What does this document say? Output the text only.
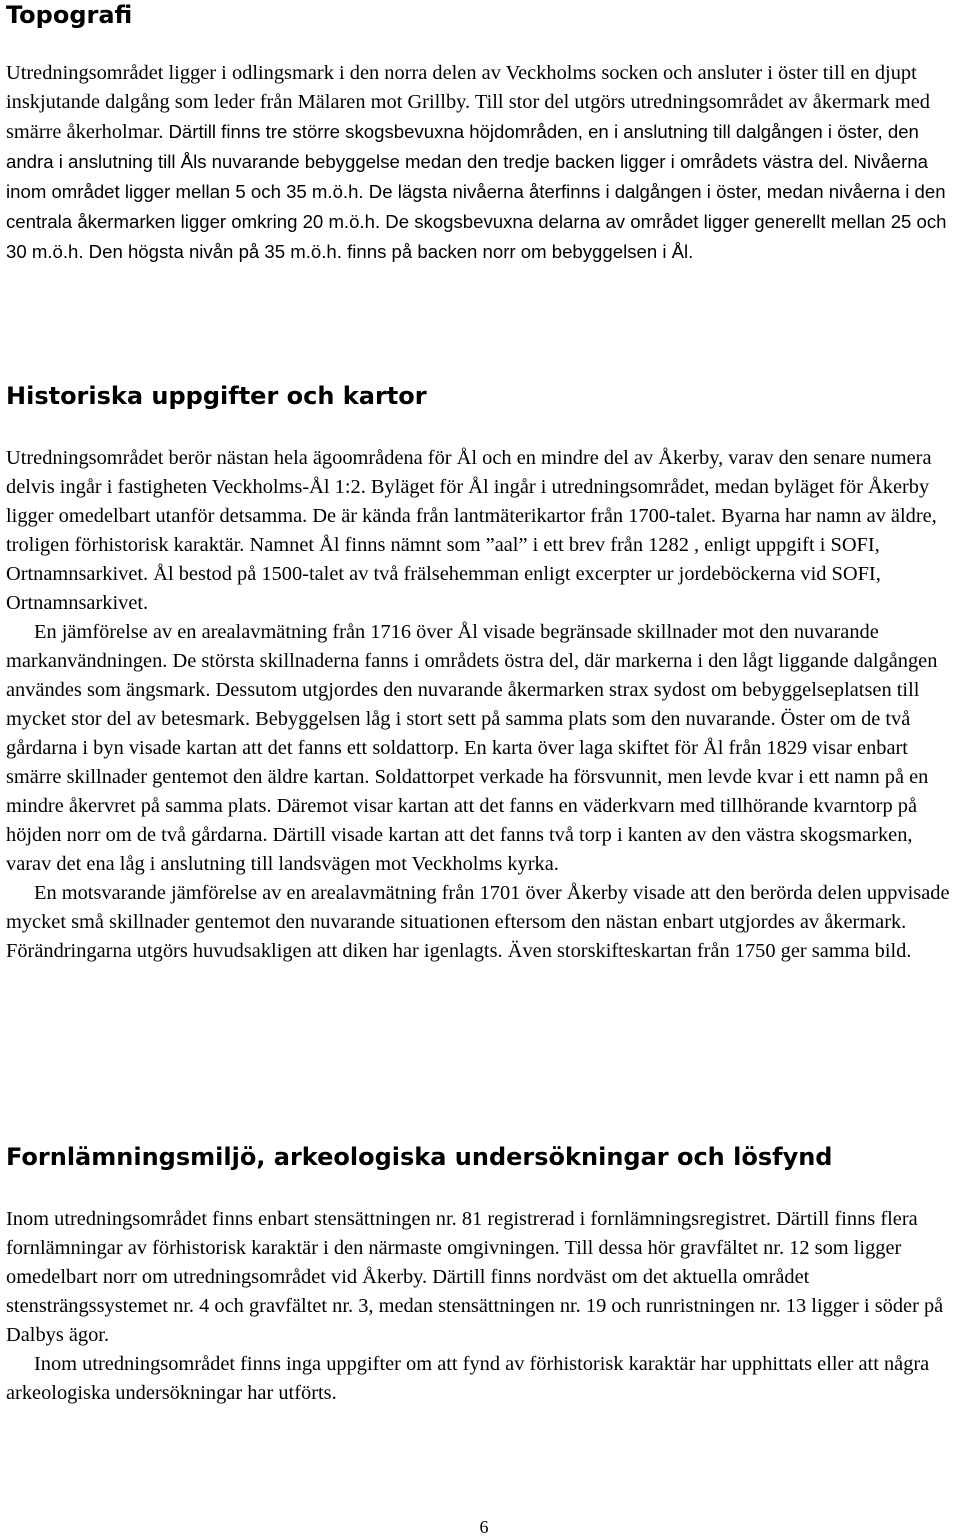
Topografi

Utredningsområdet ligger i odlingsmark i den norra delen av Veckholms socken och ansluter i öster till en djupt inskjutande dalgång som leder från Mälaren mot Grillby. Till stor del utgörs utredningsområdet av åkermark med smärre åkerholmar. Därtill finns tre större skogsbevuxna höjdområden, en i anslutning till dalgången i öster, den andra i anslutning till Åls nuvarande bebyggelse medan den tredje backen ligger i områdets västra del. Nivåerna inom området ligger mellan 5 och 35 m.ö.h. De lägsta nivåerna återfinns i dalgången i öster, medan nivåerna i den centrala åkermarken ligger omkring 20 m.ö.h. De skogsbevuxna delarna av området ligger generellt mellan 25 och 30 m.ö.h. Den högsta nivån på 35 m.ö.h. finns på backen norr om bebyggelsen i Ål.

Historiska uppgifter och kartor

Utredningsområdet berör nästan hela ägoområdena för Ål och en mindre del av Åkerby, varav den senare numera delvis ingår i fastigheten Veckholms-Ål 1:2. Byläget för Ål ingår i utredningsområdet, medan byläget för Åkerby ligger omedelbart utanför detsamma. De är kända från lantmäterikartor från 1700-talet. Byarna har namn av äldre, troligen förhistorisk karaktär. Namnet Ål finns nämnt som ”aal” i ett brev från 1282 , enligt uppgift i SOFI, Ortnamnsarkivet. Ål bestod på 1500-talet av två frälsehemman enligt excerpter ur jordeböckerna vid SOFI, Ortnamnsarkivet.

En jämförelse av en arealavmätning från 1716 över Ål visade begränsade skillnader mot den nuvarande markanvändningen. De största skillnaderna fanns i områdets östra del, där markerna i den lågt liggande dalgången användes som ängsmark. Dessutom utgjordes den nuvarande åkermarken strax sydost om bebyggelseplatsen till mycket stor del av betesmark. Bebyggelsen låg i stort sett på samma plats som den nuvarande. Öster om de två gårdarna i byn visade kartan att det fanns ett soldattorp. En karta över laga skiftet för Ål från 1829 visar enbart smärre skillnader gentemot den äldre kartan. Soldattorpet verkade ha försvunnit, men levde kvar i ett namn på en mindre åkervret på samma plats. Däremot visar kartan att det fanns en väderkvarn med tillhörande kvarntorp på höjden norr om de två gårdarna. Därtill visade kartan att det fanns två torp i kanten av den västra skogsmarken, varav det ena låg i anslutning till landsvägen mot Veckholms kyrka.

En motsvarande jämförelse av en arealavmätning från 1701 över Åkerby visade att den berörda delen uppvisade mycket små skillnader gentemot den nuvarande situationen eftersom den nästan enbart utgjordes av åkermark. Förändringarna utgörs huvudsakligen att diken har igenlagts. Även storskifteskartan från 1750 ger samma bild.

Fornlämningsmiljö, arkeologiska undersökningar och lösfynd

Inom utredningsområdet finns enbart stensättningen nr. 81 registrerad i fornlämningsregistret. Därtill finns flera fornlämningar av förhistorisk karaktär i den närmaste omgivningen. Till dessa hör gravfältet nr. 12 som ligger omedelbart norr om utredningsområdet vid Åkerby. Därtill finns nordväst om det aktuella området stensträngssystemet nr. 4 och gravfältet nr. 3, medan stensättningen nr. 19 och runristningen nr. 13 ligger i söder på Dalbys ägor.

Inom utredningsområdet finns inga uppgifter om att fynd av förhistorisk karaktär har upphittats eller att några arkeologiska undersökningar har utförts.

6
